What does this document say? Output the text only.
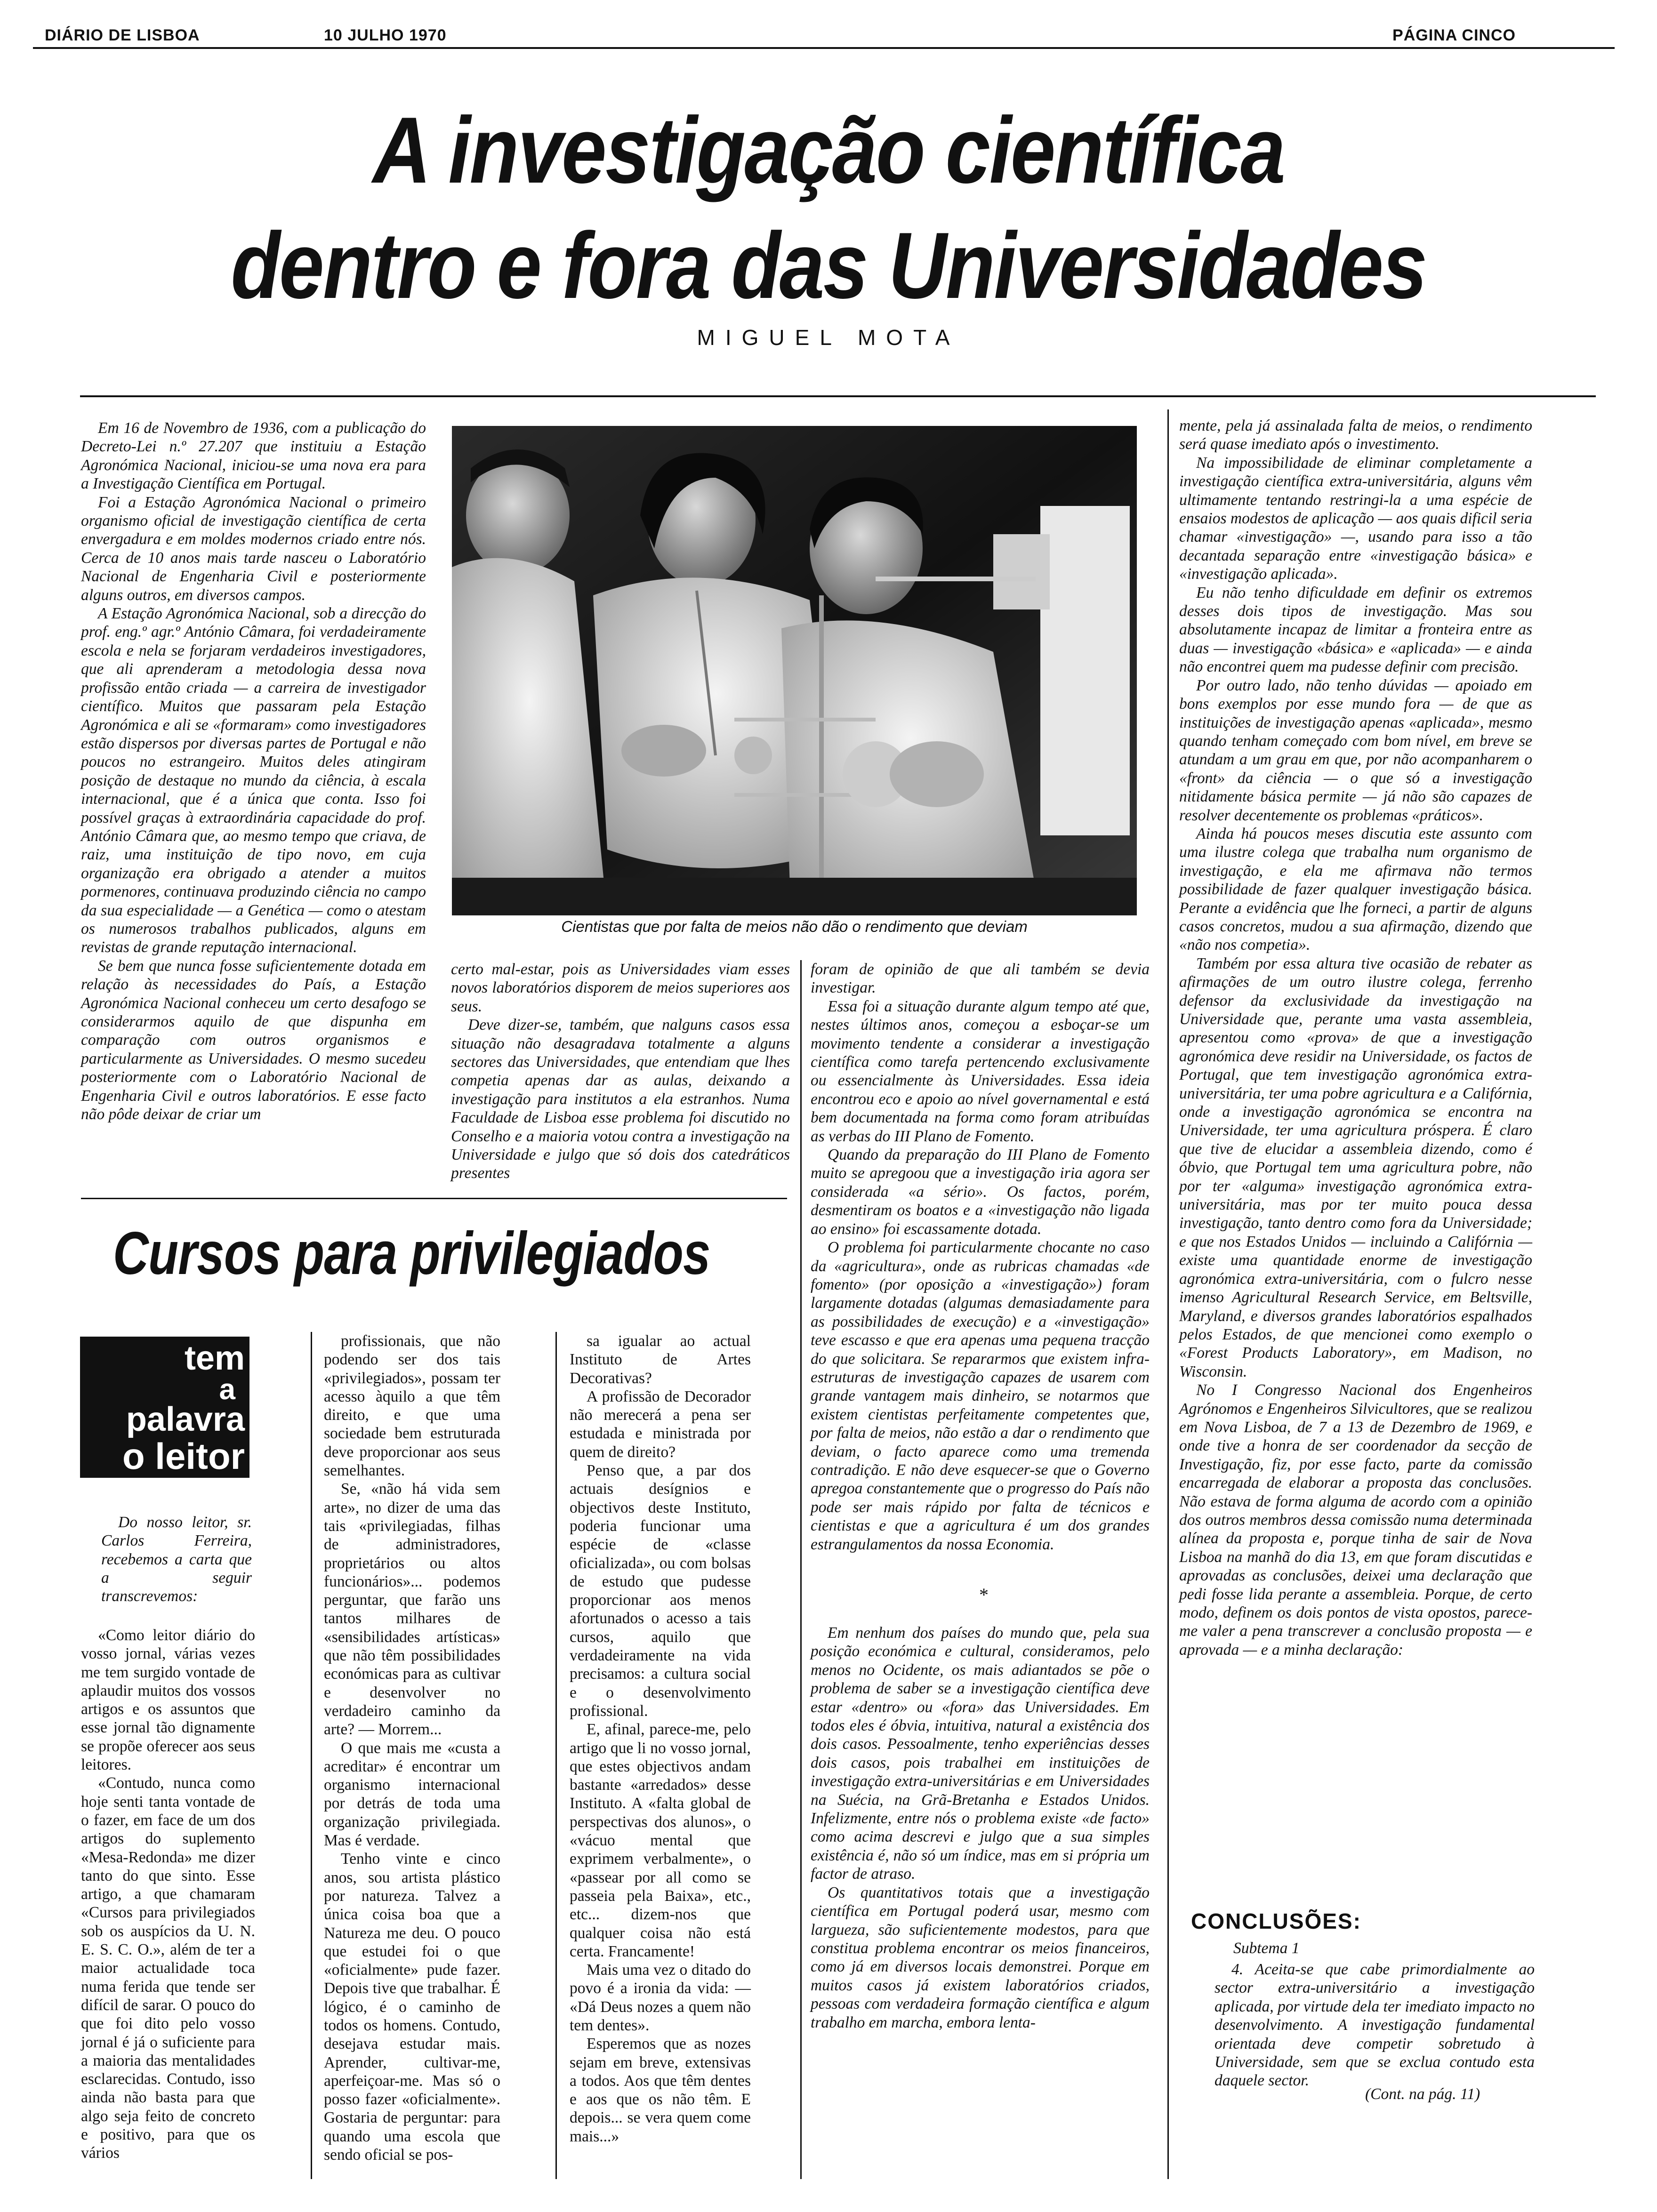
DIÁRIO DE LISBOA	10 JULHO 1970	PÁGINA CINCO
A investigação científica
dentro e fora das Universidades
MIGUEL MOTA

Em 16 de Novembro de 1936, com a publicação do Decreto-Lei n.º 27.207 que instituiu a Estação Agronómica Nacional, iniciou-se uma nova era para a Investigação Científica em Portugal.

Foi a Estação Agronómica Nacional o primeiro organismo oficial de investigação científica de certa envergadura e em moldes modernos criado entre nós. Cerca de 10 anos mais tarde nasceu o Laboratório Nacional de Engenharia Civil e posteriormente alguns outros, em diversos campos.

A Estação Agronómica Nacional, sob a direcção do prof. eng.º agr.º António Câmara, foi verdadeiramente escola e nela se forjaram verdadeiros investigadores, que ali aprenderam a metodologia dessa nova profissão então criada — a carreira de investigador científico. Muitos que passaram pela Estação Agronómica e ali se «formaram» como investigadores estão dispersos por diversas partes de Portugal e não poucos no estrangeiro. Muitos deles atingiram posição de destaque no mundo da ciência, à escala internacional, que é a única que conta. Isso foi possível graças à extraordinária capacidade do prof. António Câmara que, ao mesmo tempo que criava, de raiz, uma instituição de tipo novo, em cuja organização era obrigado a atender a muitos pormenores, continuava produzindo ciência no campo da sua especialidade — a Genética — como o atestam os numerosos trabalhos publicados, alguns em revistas de grande reputação internacional.

Se bem que nunca fosse suficientemente dotada em relação às necessidades do País, a Estação Agronómica Nacional conheceu um certo desafogo se considerarmos aquilo de que dispunha em comparação com outros organismos e particularmente as Universidades. O mesmo sucedeu posteriormente com o Laboratório Nacional de Engenharia Civil e outros laboratórios. E esse facto não pôde deixar de criar um

Cientistas que por falta de meios não dão o rendimento que deviam

certo mal-estar, pois as Universidades viam esses novos laboratórios disporem de meios superiores aos seus.

Deve dizer-se, também, que nalguns casos essa situação não desagradava totalmente a alguns sectores das Universidades, que entendiam que lhes competia apenas dar as aulas, deixando a investigação para institutos a ela estranhos. Numa Faculdade de Lisboa esse problema foi discutido no Conselho e a maioria votou contra a investigação na Universidade e julgo que só dois dos catedráticos presentes

foram de opinião de que ali também se devia investigar.

Essa foi a situação durante algum tempo até que, nestes últimos anos, começou a esboçar-se um movimento tendente a considerar a investigação científica como tarefa pertencendo exclusivamente ou essencialmente às Universidades. Essa ideia encontrou eco e apoio ao nível governamental e está bem documentada na forma como foram atribuídas as verbas do III Plano de Fomento.

Quando da preparação do III Plano de Fomento muito se apregoou que a investigação iria agora ser considerada «a sério». Os factos, porém, desmentiram os boatos e a «investigação não ligada ao ensino» foi escassamente dotada.

O problema foi particularmente chocante no caso da «agricultura», onde as rubricas chamadas «de fomento» (por oposição a «investigação») foram largamente dotadas (algumas demasiadamente para as possibilidades de execução) e a «investigação» teve escasso e que era apenas uma pequena tracção do que solicitara. Se repararmos que existem infra-estruturas de investigação capazes de usarem com grande vantagem mais dinheiro, se notarmos que existem cientistas perfeitamente competentes que, por falta de meios, não estão a dar o rendimento que deviam, o facto aparece como uma tremenda contradição. E não deve esquecer-se que o Governo apregoa constantemente que o progresso do País não pode ser mais rápido por falta de técnicos e cientistas e que a agricultura é um dos grandes estrangulamentos da nossa Economia.

*

Em nenhum dos países do mundo que, pela sua posição económica e cultural, consideramos, pelo menos no Ocidente, os mais adiantados se põe o problema de saber se a investigação científica deve estar «dentro» ou «fora» das Universidades. Em todos eles é óbvia, intuitiva, natural a existência dos dois casos. Pessoalmente, tenho experiências desses dois casos, pois trabalhei em instituições de investigação extra-universitárias e em Universidades na Suécia, na Grã-Bretanha e Estados Unidos. Infelizmente, entre nós o problema existe «de facto» como acima descrevi e julgo que a sua simples existência é, não só um índice, mas em si própria um factor de atraso.

Os quantitativos totais que a investigação científica em Portugal poderá usar, mesmo com largueza, são suficientemente modestos, para que constitua problema encontrar os meios financeiros, como já em diversos locais demonstrei. Porque em muitos casos já existem laboratórios criados, pessoas com verdadeira formação científica e algum trabalho em marcha, embora lenta-

mente, pela já assinalada falta de meios, o rendimento será quase imediato após o investimento.

Na impossibilidade de eliminar completamente a investigação científica extra-universitária, alguns vêm ultimamente tentando restringi-la a uma espécie de ensaios modestos de aplicação — aos quais dificil seria chamar «investigação» —, usando para isso a tão decantada separação entre «investigação básica» e «investigação aplicada».

Eu não tenho dificuldade em definir os extremos desses dois tipos de investigação. Mas sou absolutamente incapaz de limitar a fronteira entre as duas — investigação «básica» e «aplicada» — e ainda não encontrei quem ma pudesse definir com precisão.

Por outro lado, não tenho dúvidas — apoiado em bons exemplos por esse mundo fora — de que as instituições de investigação apenas «aplicada», mesmo quando tenham começado com bom nível, em breve se atundam a um grau em que, por não acompanharem o «front» da ciência — o que só a investigação nitidamente básica permite — já não são capazes de resolver decentemente os problemas «práticos».

Ainda há poucos meses discutia este assunto com uma ilustre colega que trabalha num organismo de investigação, e ela me afirmava não termos possibilidade de fazer qualquer investigação básica. Perante a evidência que lhe forneci, a partir de alguns casos concretos, mudou a sua afirmação, dizendo que «não nos competia».

Também por essa altura tive ocasião de rebater as afirmações de um outro ilustre colega, ferrenho defensor da exclusividade da investigação na Universidade que, perante uma vasta assembleia, apresentou como «prova» de que a investigação agronómica deve residir na Universidade, os factos de Portugal, que tem investigação agronómica extra-universitária, ter uma pobre agricultura e a Califórnia, onde a investigação agronómica se encontra na Universidade, ter uma agricultura próspera. É claro que tive de elucidar a assembleia dizendo, como é óbvio, que Portugal tem uma agricultura pobre, não por ter «alguma» investigação agronómica extra-universitária, mas por ter muito pouca dessa investigação, tanto dentro como fora da Universidade; e que nos Estados Unidos — incluindo a Califórnia — existe uma quantidade enorme de investigação agronómica extra-universitária, com o fulcro nesse imenso Agricultural Research Service, em Beltsville, Maryland, e diversos grandes laboratórios espalhados pelos Estados, de que mencionei como exemplo o «Forest Products Laboratory», em Madison, no Wisconsin.

No I Congresso Nacional dos Engenheiros Agrónomos e Engenheiros Silvicultores, que se realizou em Nova Lisboa, de 7 a 13 de Dezembro de 1969, e onde tive a honra de ser coordenador da secção de Investigação, fiz, por esse facto, parte da comissão encarregada de elaborar a proposta das conclusões. Não estava de forma alguma de acordo com a opinião dos outros membros dessa comissão numa determinada alínea da proposta e, porque tinha de sair de Nova Lisboa na manhã do dia 13, em que foram discutidas e aprovadas as conclusões, deixei uma declaração que pedi fosse lida perante a assembleia. Porque, de certo modo, definem os dois pontos de vista opostos, parece-me valer a pena transcrever a conclusão proposta — e aprovada — e a minha declaração:

CONCLUSÕES:
Subtema 1

4. Aceita-se que cabe primordialmente ao sector extra-universitário a investigação aplicada, por virtude dela ter imediato impacto no desenvolvimento. A investigação fundamental orientada deve competir sobretudo à Universidade, sem que se exclua contudo esta daquele sector.

(Cont. na pág. 11)
Cursos para privilegiados
tem
a
palavra
o leitor

Do nosso leitor, sr. Carlos Ferreira, recebemos a carta que a seguir transcrevemos:

«Como leitor diário do vosso jornal, várias vezes me tem surgido vontade de aplaudir muitos dos vossos artigos e os assuntos que esse jornal tão dignamente se propõe oferecer aos seus leitores.

«Contudo, nunca como hoje senti tanta vontade de o fazer, em face de um dos artigos do suplemento «Mesa-Redonda» me dizer tanto do que sinto. Esse artigo, a que chamaram «Cursos para privilegiados sob os auspícios da U. N. E. S. C. O.», além de ter a maior actualidade toca numa ferida que tende ser difícil de sarar. O pouco do que foi dito pelo vosso jornal é já o suficiente para a maioria das mentalidades esclarecidas. Contudo, isso ainda não basta para que algo seja feito de concreto e positivo, para que os vários

profissionais, que não podendo ser dos tais «privilegiados», possam ter acesso àquilo a que têm direito, e que uma sociedade bem estruturada deve proporcionar aos seus semelhantes.

Se, «não há vida sem arte», no dizer de uma das tais «privilegiadas, filhas de administradores, proprietários ou altos funcionários»... podemos perguntar, que farão uns tantos milhares de «sensibilidades artísticas» que não têm possibilidades económicas para as cultivar e desenvolver no verdadeiro caminho da arte? — Morrem...

O que mais me «custa a acreditar» é encontrar um organismo internacional por detrás de toda uma organização privilegiada. Mas é verdade.

Tenho vinte e cinco anos, sou artista plástico por natureza. Talvez a única coisa boa que a Natureza me deu. O pouco que estudei foi o que «oficialmente» pude fazer. Depois tive que trabalhar. É lógico, é o caminho de todos os homens. Contudo, desejava estudar mais. Aprender, cultivar-me, aperfeiçoar-me. Mas só o posso fazer «oficialmente». Gostaria de perguntar: para quando uma escola que sendo oficial se pos-

sa igualar ao actual Instituto de Artes Decorativas?

A profissão de Decorador não merecerá a pena ser estudada e ministrada por quem de direito?

Penso que, a par dos actuais desígnios e objectivos deste Instituto, poderia funcionar uma espécie de «classe oficializada», ou com bolsas de estudo que pudesse proporcionar aos menos afortunados o acesso a tais cursos, aquilo que verdadeiramente na vida precisamos: a cultura social e o desenvolvimento profissional.

E, afinal, parece-me, pelo artigo que li no vosso jornal, que estes objectivos andam bastante «arredados» desse Instituto. A «falta global de perspectivas dos alunos», o «vácuo mental que exprimem verbalmente», o «passear por all como se passeia pela Baixa», etc., etc... dizem-nos que qualquer coisa não está certa. Francamente!

Mais uma vez o ditado do povo é a ironia da vida: — «Dá Deus nozes a quem não tem dentes».

Esperemos que as nozes sejam em breve, extensivas a todos. Aos que têm dentes e aos que os não têm. E depois... se vera quem come mais...»
